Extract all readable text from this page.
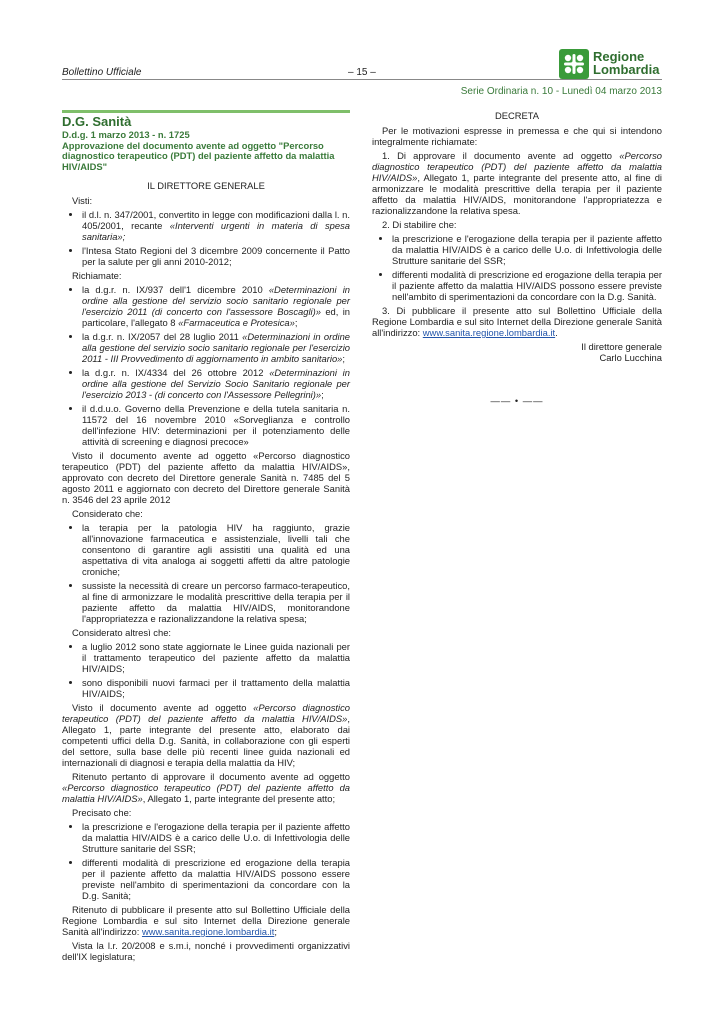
Bollettino Ufficiale	– 15 –
Regione
Lombardia
Serie Ordinaria n. 10 - Lunedì 04 marzo 2013
D.G. Sanità
D.d.g. 1 marzo 2013 - n. 1725
Approvazione del documento avente ad oggetto "Percorso diagnostico terapeutico (PDT) del paziente affetto da malattia HIV/AIDS"
IL DIRETTORE GENERALE

Visti:

• il d.l. n. 347/2001, convertito in legge con modificazioni dalla l. n. 405/2001, recante «Interventi urgenti in materia di spesa sanitaria»;
• l'Intesa Stato Regioni del 3 dicembre 2009 concernente il Patto per la salute per gli anni 2010-2012;

Richiamate:

• la d.g.r. n. IX/937 dell'1 dicembre 2010 «Determinazioni in ordine alla gestione del servizio socio sanitario regionale per l'esercizio 2011 (di concerto con l'assessore Boscagli)» ed, in particolare, l'allegato 8 «Farmaceutica e Protesica»;
• la d.g.r. n. IX/2057 del 28 luglio 2011 «Determinazioni in ordine alla gestione del servizio socio sanitario regionale per l'esercizio 2011 - III Provvedimento di aggiornamento in ambito sanitario»;
• la d.g.r. n. IX/4334 del 26 ottobre 2012 «Determinazioni in ordine alla gestione del Servizio Socio Sanitario regionale per l'esercizio 2013 - (di concerto con l'Assessore Pellegrini)»;
• il d.d.u.o. Governo della Prevenzione e della tutela sanitaria n. 11572 del 16 novembre 2010 «Sorveglianza e controllo dell'infezione HIV: determinazioni per il potenziamento delle attività di screening e diagnosi precoce»

Visto il documento avente ad oggetto «Percorso diagnostico terapeutico (PDT) del paziente affetto da malattia HIV/AIDS», approvato con decreto del Direttore generale Sanità n. 7485 del 5 agosto 2011 e aggiornato con decreto del Direttore generale Sanità n. 3546 del 23 aprile 2012

Considerato che:

• la terapia per la patologia HIV ha raggiunto, grazie all'innovazione farmaceutica e assistenziale, livelli tali che consentono di garantire agli assistiti una qualità ed una aspettativa di vita analoga ai soggetti affetti da altre patologie croniche;
• sussiste la necessità di creare un percorso farmaco-terapeutico, al fine di armonizzare le modalità prescrittive della terapia per il paziente affetto da malattia HIV/AIDS, monitorandone l'appropriatezza e razionalizzandone la relativa spesa;

Considerato altresì che:

• a luglio 2012 sono state aggiornate le Linee guida nazionali per il trattamento terapeutico del paziente affetto da malattia HIV/AIDS;
• sono disponibili nuovi farmaci per il trattamento della malattia HIV/AIDS;

Visto il documento avente ad oggetto «Percorso diagnostico terapeutico (PDT) del paziente affetto da malattia HIV/AIDS», Allegato 1, parte integrante del presente atto, elaborato dai competenti uffici della D.g. Sanità, in collaborazione con gli esperti del settore, sulla base delle più recenti linee guida nazionali ed internazionali di diagnosi e terapia della malattia da HIV;

Ritenuto pertanto di approvare il documento avente ad oggetto «Percorso diagnostico terapeutico (PDT) del paziente affetto da malattia HIV/AIDS», Allegato 1, parte integrante del presente atto;

Precisato che:

• la prescrizione e l'erogazione della terapia per il paziente affetto da malattia HIV/AIDS è a carico delle U.o. di Infettivologia delle Strutture sanitarie del SSR;
• differenti modalità di prescrizione ed erogazione della terapia per il paziente affetto da malattia HIV/AIDS possono essere previste nell'ambito di sperimentazioni da concordare con la D.g. Sanità;

Ritenuto di pubblicare il presente atto sul Bollettino Ufficiale della Regione Lombardia e sul sito Internet della Direzione generale Sanità all'indirizzo: www.sanita.regione.lombardia.it;

Vista la l.r. 20/2008 e s.m.i, nonché i provvedimenti organizzativi dell'IX legislatura;

DECRETA

Per le motivazioni espresse in premessa e che qui si intendono integralmente richiamate:

1. Di approvare il documento avente ad oggetto «Percorso diagnostico terapeutico (PDT) del paziente affetto da malattia HIV/AIDS», Allegato 1, parte integrante del presente atto, al fine di armonizzare le modalità prescrittive della terapia per il paziente affetto da malattia HIV/AIDS, monitorandone l'appropriatezza e razionalizzandone la relativa spesa.

2. Di stabilire che:

• la prescrizione e l'erogazione della terapia per il paziente affetto da malattia HIV/AIDS è a carico delle U.o. di Infettivologia delle Strutture sanitarie del SSR;
• differenti modalità di prescrizione ed erogazione della terapia per il paziente affetto da malattia HIV/AIDS possono essere previste nell'ambito di sperimentazioni da concordare con la D.g. Sanità.

3. Di pubblicare il presente atto sul Bollettino Ufficiale della Regione Lombardia e sul sito Internet della Direzione generale Sanità all'indirizzo: www.sanita.regione.lombardia.it.

Il direttore generale

Carlo Lucchina

—— • ——
